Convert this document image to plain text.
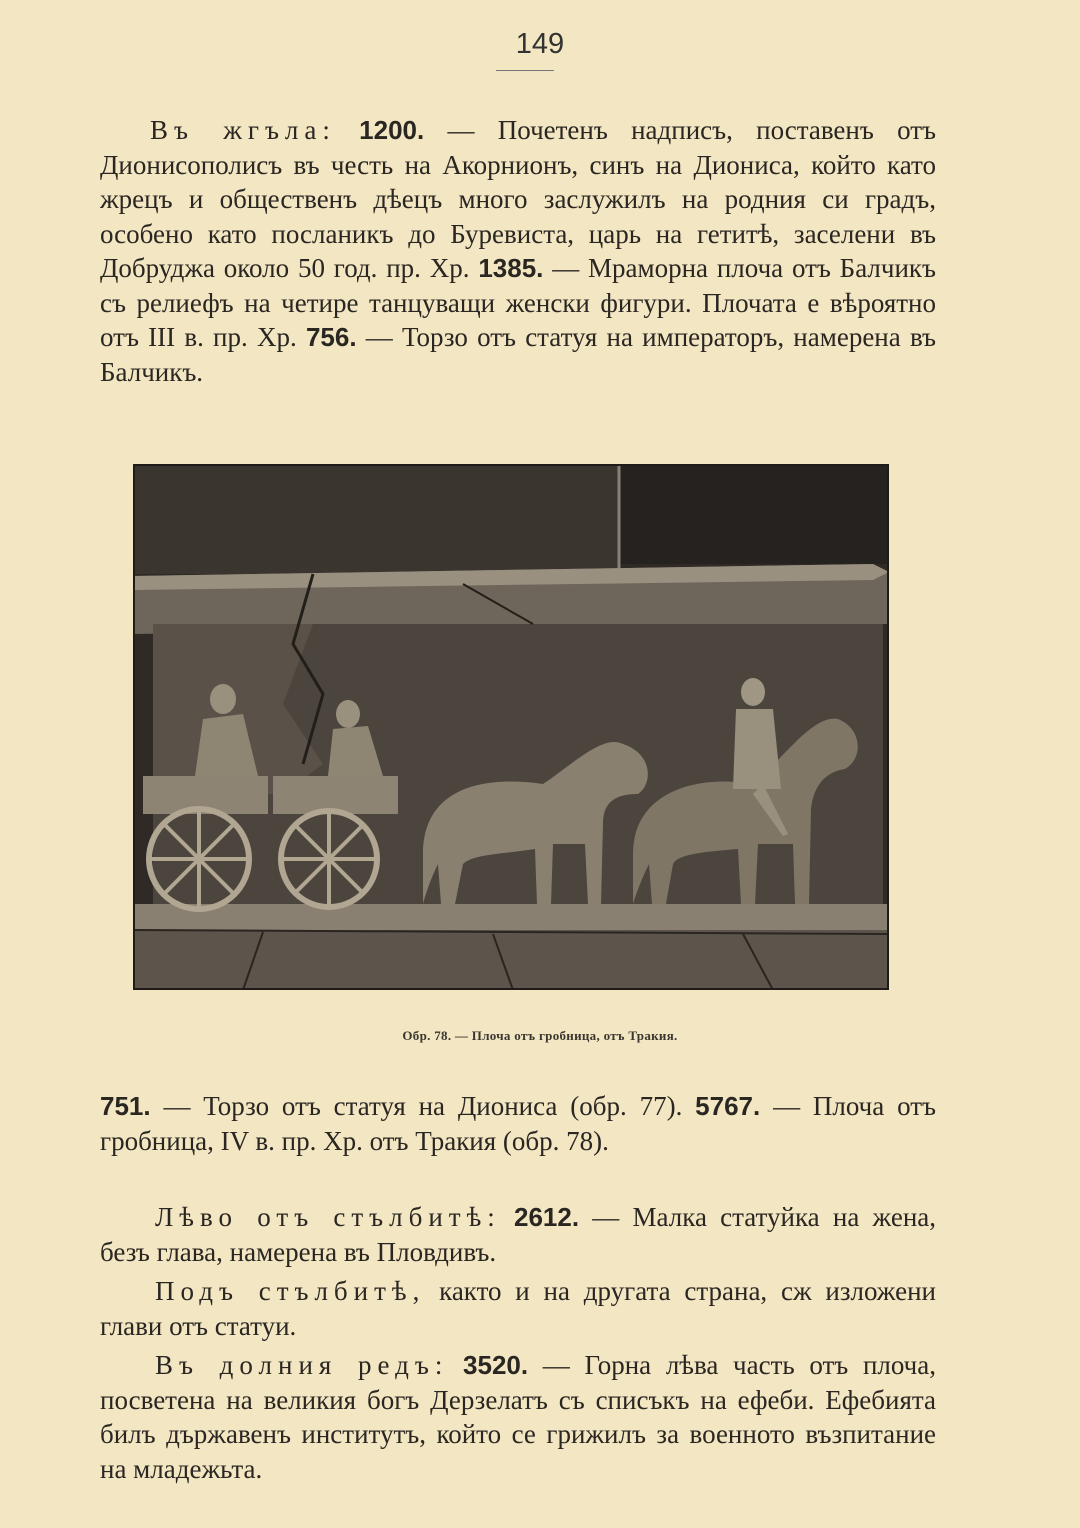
149
Въ жгъла: 1200. — Почетенъ надписъ, поставенъ отъ Дионисополисъ въ честь на Акорнионъ, синъ на Диониса, който като жрецъ и общественъ дѣецъ много заслужилъ на родния си градъ, особено като посланикъ до Буревиста, царь на гетитѣ, заселени въ Добруджа около 50 год. пр. Хр. 1385. — Мраморна плоча отъ Балчикъ съ релиефъ на четире танцуващи женски фигури. Плочата е вѣроятно отъ III в. пр. Хр. 756. — Торзо отъ статуя на императоръ, намерена въ Балчикъ.
Обр. 78. — Плоча отъ гробница, отъ Тракия.
751. — Торзо отъ статуя на Диониса (обр. 77). 5767. — Плоча отъ гробница, IV в. пр. Хр. отъ Тракия (обр. 78).
Лѣво отъ стълбитѣ: 2612. — Малка статуйка на жена, безъ глава, намерена въ Пловдивъ.
Подъ стълбитѣ, както и на другата страна, сж изложени глави отъ статуи.
Въ долния редъ: 3520. — Горна лѣва часть отъ плоча, посветена на великия богъ Дерзелатъ съ списъкъ на ефеби. Ефебията билъ държавенъ институтъ, който се грижилъ за военното възпитание на младежьта.
